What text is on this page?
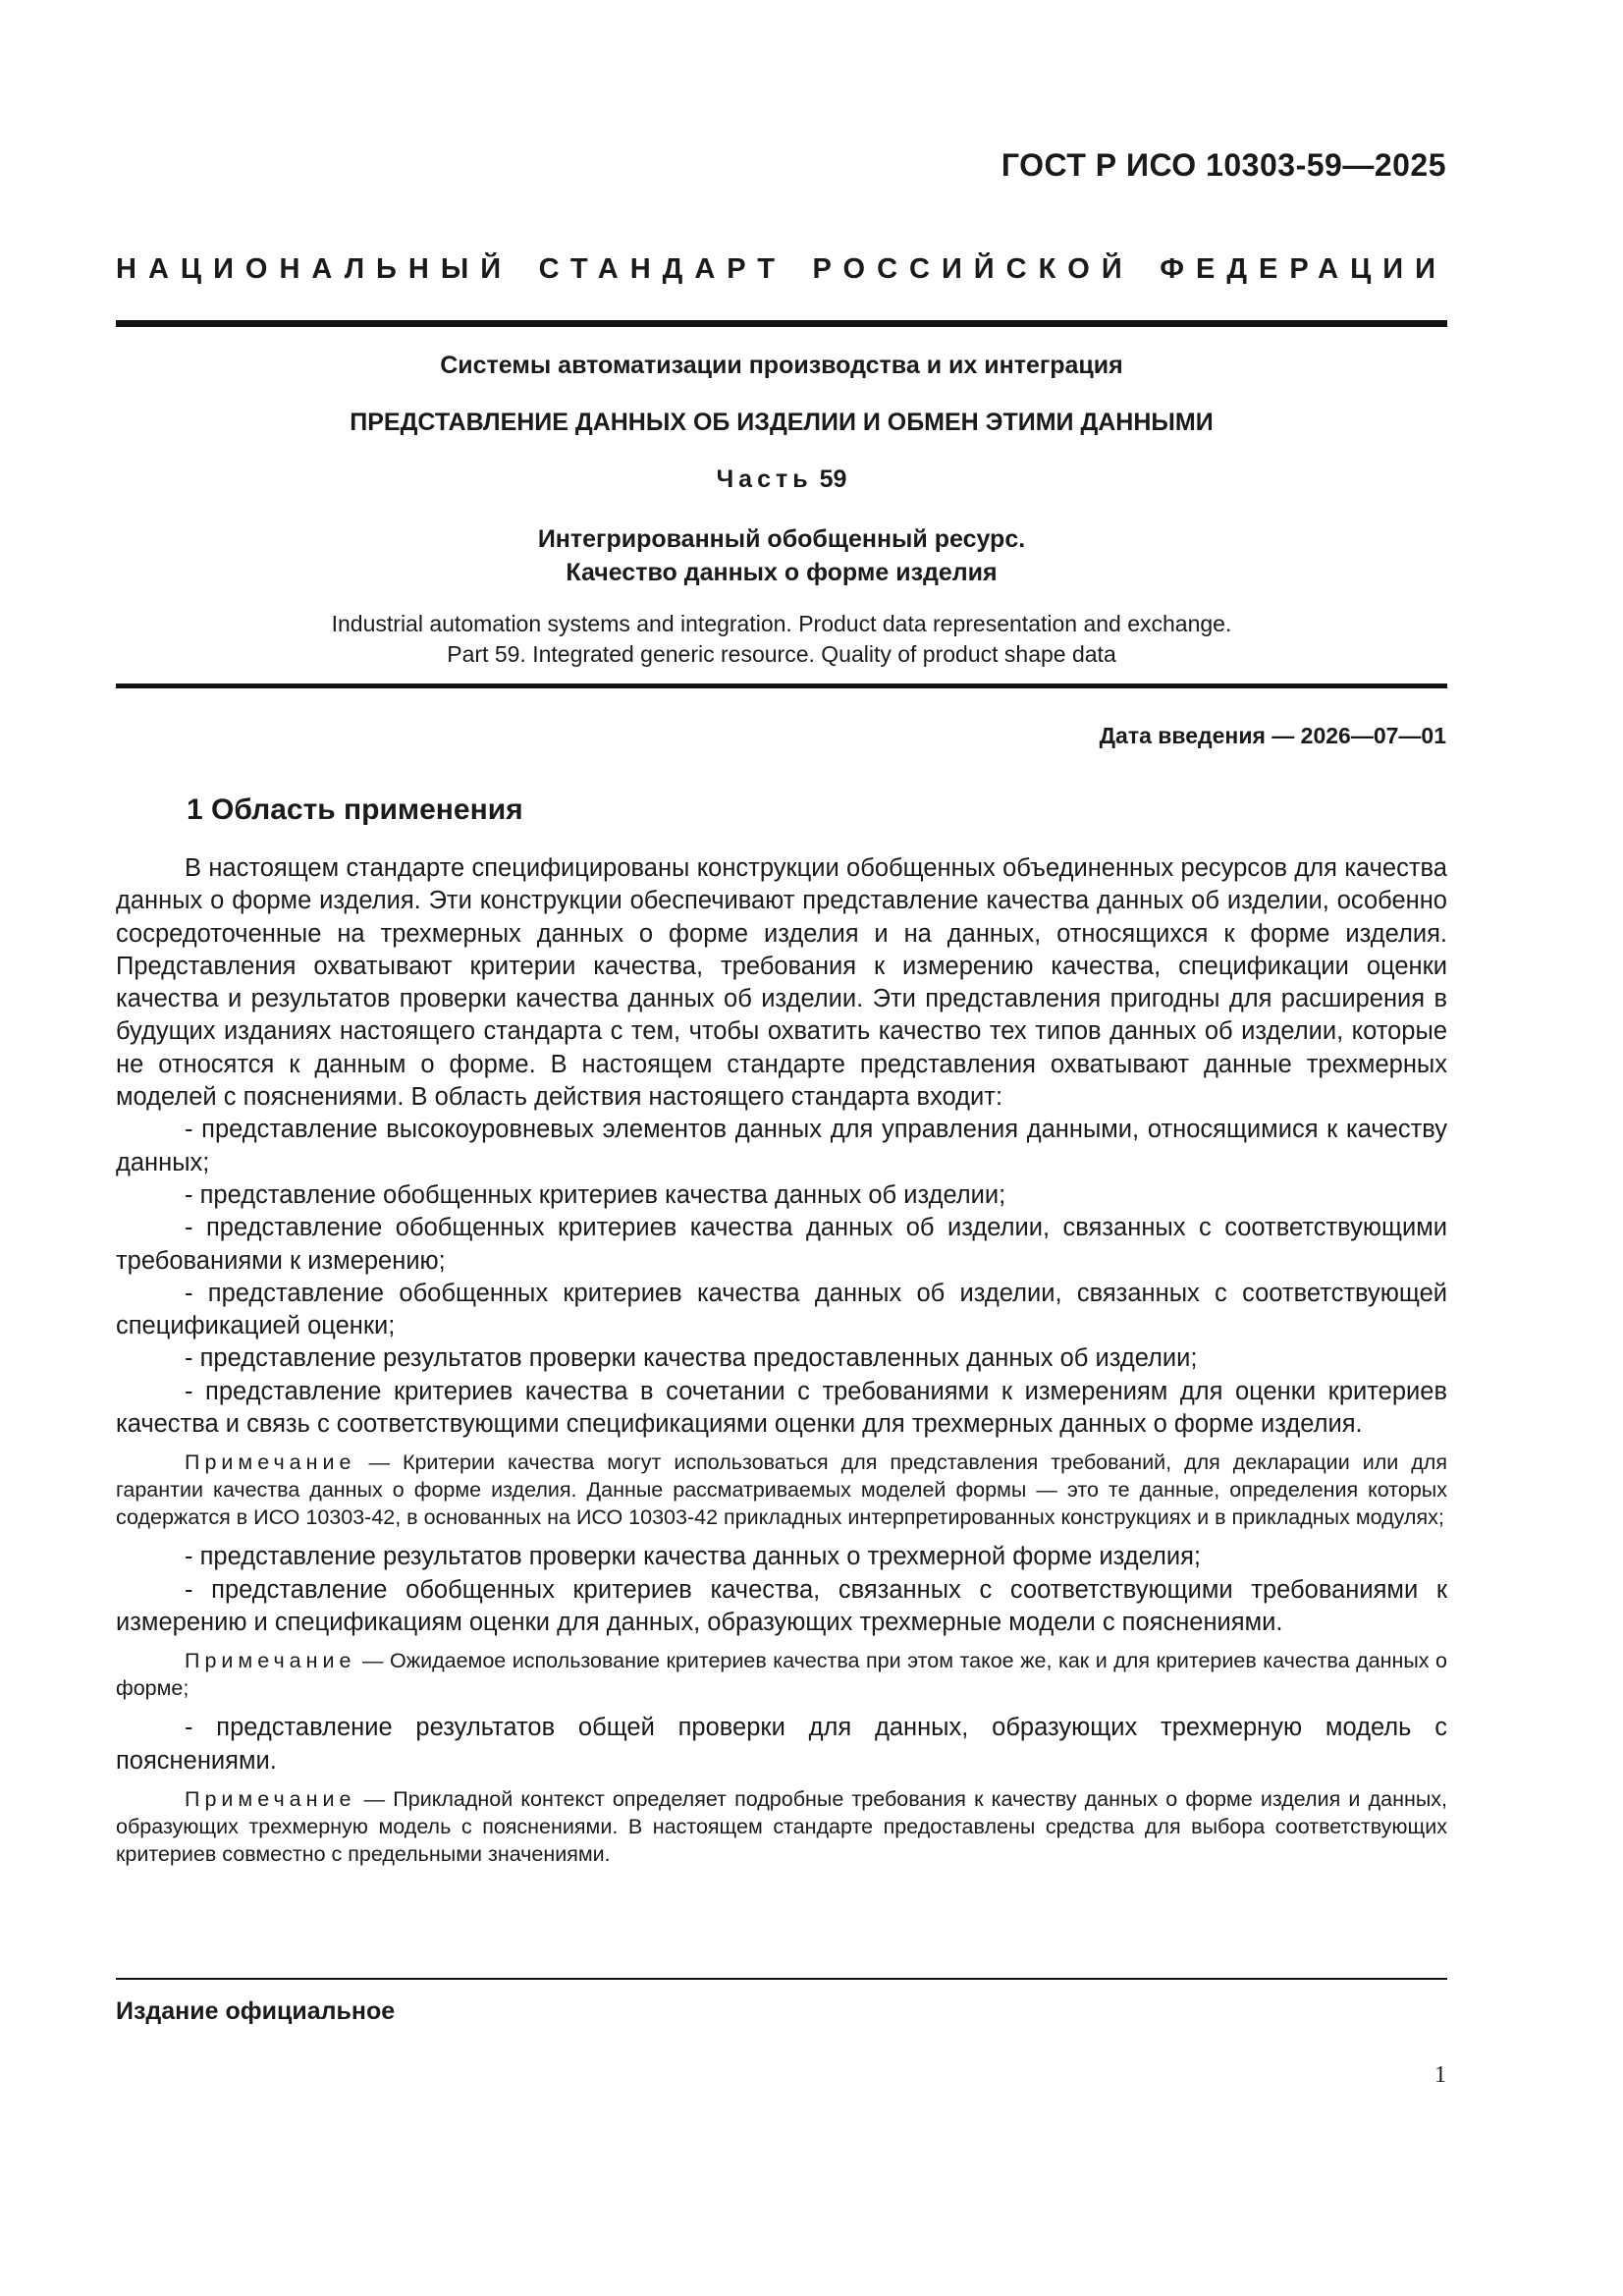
ГОСТ Р ИСО 10303-59—2025
НАЦИОНАЛЬНЫЙ СТАНДАРТ РОССИЙСКОЙ ФЕДЕРАЦИИ
Системы автоматизации производства и их интеграция
ПРЕДСТАВЛЕНИЕ ДАННЫХ ОБ ИЗДЕЛИИ И ОБМЕН ЭТИМИ ДАННЫМИ
Часть 59
Интегрированный обобщенный ресурс.
Качество данных о форме изделия
Industrial automation systems and integration. Product data representation and exchange.
Part 59. Integrated generic resource. Quality of product shape data
Дата введения — 2026—07—01
1 Область применения

В настоящем стандарте специфицированы конструкции обобщенных объединенных ресурсов для качества данных о форме изделия. Эти конструкции обеспечивают представление качества данных об изделии, особенно сосредоточенные на трехмерных данных о форме изделия и на данных, относящихся к форме изделия. Представления охватывают критерии качества, требования к измерению качества, спецификации оценки качества и результатов проверки качества данных об изделии. Эти представления пригодны для расширения в будущих изданиях настоящего стандарта с тем, чтобы охватить качество тех типов данных об изделии, которые не относятся к данным о форме. В настоящем стандарте представления охватывают данные трехмерных моделей с пояснениями. В область действия настоящего стандарта входит:

- представление высокоуровневых элементов данных для управления данными, относящимися к качеству данных;

- представление обобщенных критериев качества данных об изделии;

- представление обобщенных критериев качества данных об изделии, связанных с соответствующими требованиями к измерению;

- представление обобщенных критериев качества данных об изделии, связанных с соответствующей спецификацией оценки;

- представление результатов проверки качества предоставленных данных об изделии;

- представление критериев качества в сочетании с требованиями к измерениям для оценки критериев качества и связь с соответствующими спецификациями оценки для трехмерных данных о форме изделия.

Примечание — Критерии качества могут использоваться для представления требований, для декларации или для гарантии качества данных о форме изделия. Данные рассматриваемых моделей формы — это те данные, определения которых содержатся в ИСО 10303-42, в основанных на ИСО 10303-42 прикладных интерпретированных конструкциях и в прикладных модулях;

- представление результатов проверки качества данных о трехмерной форме изделия;

- представление обобщенных критериев качества, связанных с соответствующими требованиями к измерению и спецификациям оценки для данных, образующих трехмерные модели с пояснениями.

Примечание — Ожидаемое использование критериев качества при этом такое же, как и для критериев качества данных о форме;

- представление результатов общей проверки для данных, образующих трехмерную модель с пояснениями.

Примечание — Прикладной контекст определяет подробные требования к качеству данных о форме изделия и данных, образующих трехмерную модель с пояснениями. В настоящем стандарте предоставлены средства для выбора соответствующих критериев совместно с предельными значениями.

Издание официальное
1
